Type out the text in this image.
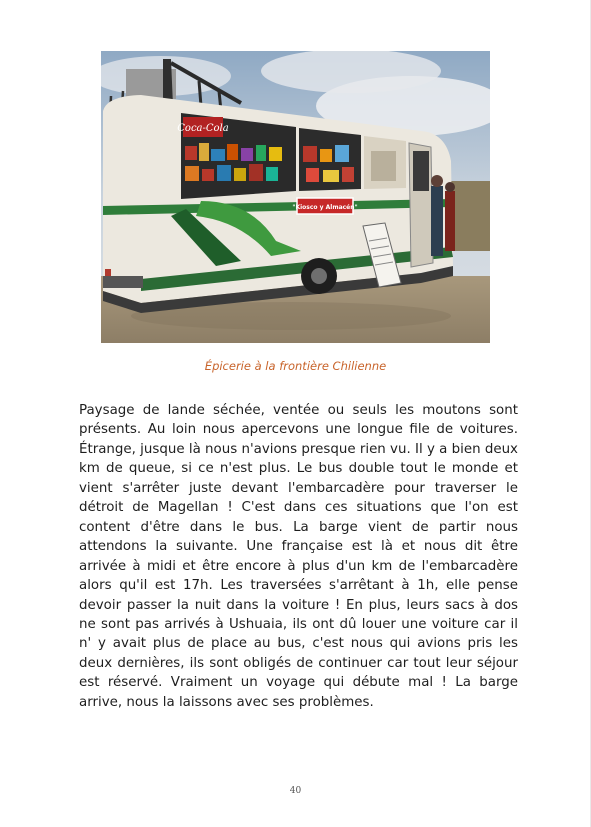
Coca-Cola
"Kiosco y Almacén"
Épicerie à la frontière Chilienne
Paysage de lande séchée, ventée ou seuls les moutons sont présents. Au loin nous apercevons une longue file de voitures. Étrange, jusque là nous n'avions presque rien vu. Il y a bien deux km de queue, si ce n'est plus. Le bus double tout le monde et vient s'arrêter juste devant l'embarcadère pour traverser le détroit de Magellan ! C'est dans ces situations que l'on est content d'être dans le bus. La barge vient de partir nous attendons la suivante. Une française est là et nous dit être arrivée à midi et être encore à plus d'un km de l'embarcadère alors qu'il est 17h. Les traversées s'arrêtant à 1h, elle pense devoir passer la nuit dans la voiture ! En plus, leurs sacs à dos ne sont pas arrivés à Ushuaia, ils ont dû louer une voiture car il n' y avait plus de place au bus, c'est nous qui avions pris les deux dernières, ils sont obligés de continuer car tout leur séjour est réservé. Vraiment un voyage qui débute mal ! La barge arrive, nous la laissons avec ses problèmes.
40
